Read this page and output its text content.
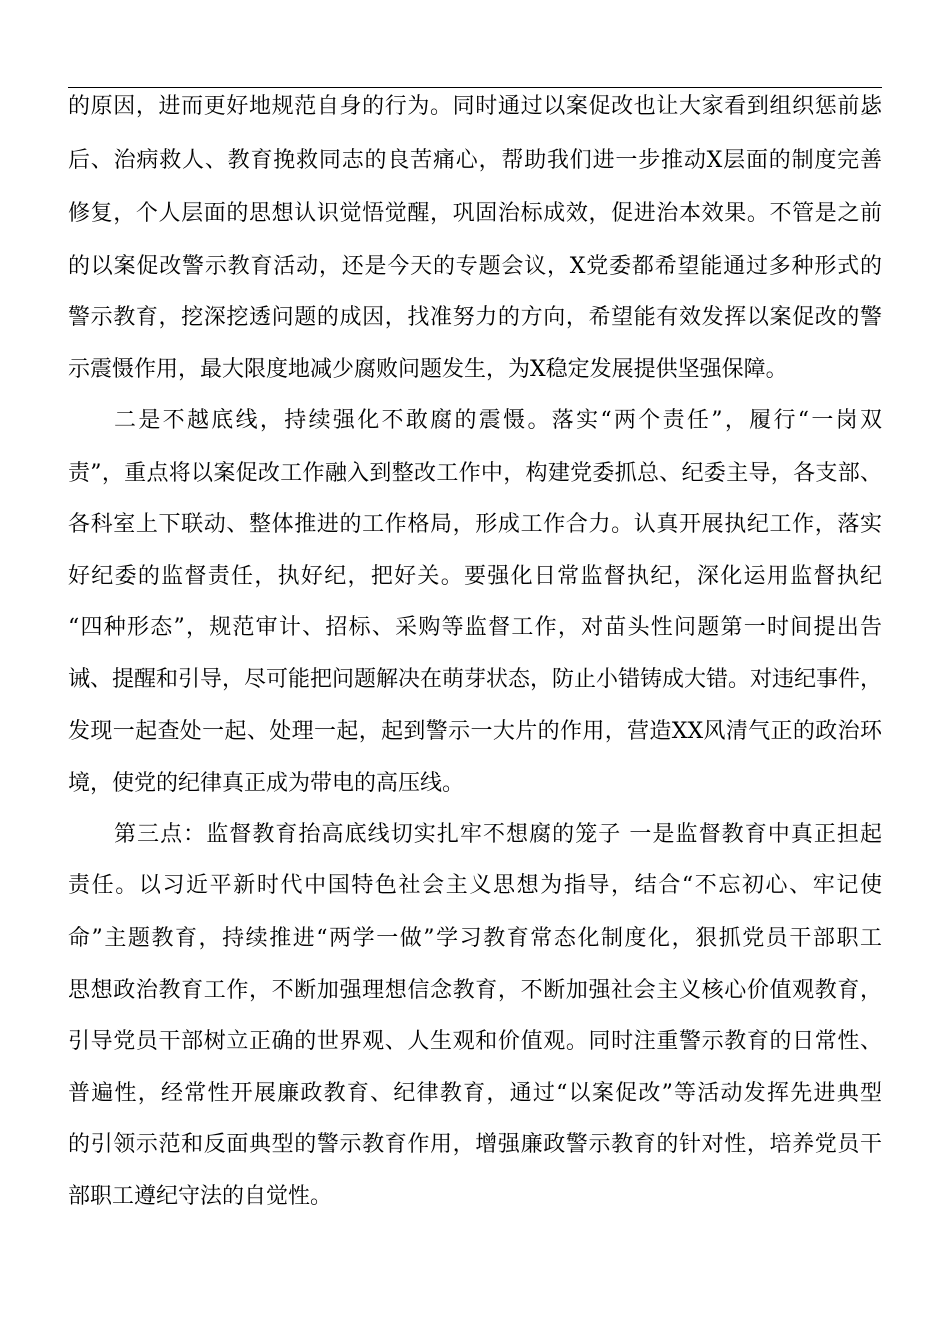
的原因，进而更好地规范自身的行为。同时通过以案促改也让大家看到组织惩前毖
后、治病救人、教育挽救同志的良苦痛心，帮助我们进一步推动X层面的制度完善
修复，个人层面的思想认识觉悟觉醒，巩固治标成效，促进治本效果。不管是之前
的以案促改警示教育活动，还是今天的专题会议，X党委都希望能通过多种形式的
警示教育，挖深挖透问题的成因，找准努力的方向，希望能有效发挥以案促改的警
示震慑作用，最大限度地减少腐败问题发生，为X稳定发展提供坚强保障。
二是不越底线，持续强化不敢腐的震慑。落实“两个责任”，履行“一岗双
责”，重点将以案促改工作融入到整改工作中，构建党委抓总、纪委主导，各支部、
各科室上下联动、整体推进的工作格局，形成工作合力。认真开展执纪工作，落实
好纪委的监督责任，执好纪，把好关。要强化日常监督执纪，深化运用监督执纪
“四种形态”，规范审计、招标、采购等监督工作，对苗头性问题第一时间提出告
诫、提醒和引导，尽可能把问题解决在萌芽状态，防止小错铸成大错。对违纪事件，
发现一起查处一起、处理一起，起到警示一大片的作用，营造XX风清气正的政治环
境，使党的纪律真正成为带电的高压线。
第三点：监督教育抬高底线切实扎牢不想腐的笼子 一是监督教育中真正担起
责任。以习近平新时代中国特色社会主义思想为指导，结合“不忘初心、牢记使
命”主题教育，持续推进“两学一做”学习教育常态化制度化，狠抓党员干部职工
思想政治教育工作，不断加强理想信念教育，不断加强社会主义核心价值观教育，
引导党员干部树立正确的世界观、人生观和价值观。同时注重警示教育的日常性、
普遍性，经常性开展廉政教育、纪律教育，通过“以案促改”等活动发挥先进典型
的引领示范和反面典型的警示教育作用，增强廉政警示教育的针对性，培养党员干
部职工遵纪守法的自觉性。
